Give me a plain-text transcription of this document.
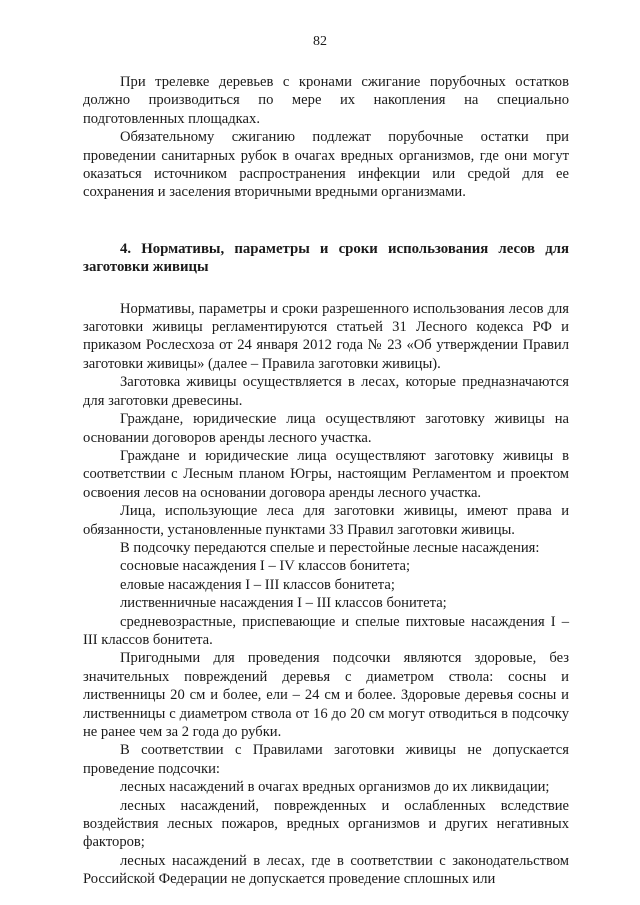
82

При трелевке деревьев с кронами сжигание порубочных остатков должно производиться по мере их накопления на специально подготовленных площадках.

Обязательному сжиганию подлежат порубочные остатки при проведении санитарных рубок в очагах вредных организмов, где они могут оказаться источником распространения инфекции или средой для ее сохранения и заселения вторичными вредными организмами.

4. Нормативы, параметры и сроки использования лесов для заготовки живицы

Нормативы, параметры и сроки разрешенного использования лесов для заготовки живицы регламентируются статьей 31 Лесного кодекса РФ и приказом Рослесхоза от 24 января 2012 года № 23 «Об утверждении Правил заготовки живицы» (далее – Правила заготовки живицы).

Заготовка живицы осуществляется в лесах, которые предназначаются для заготовки древесины.

Граждане, юридические лица осуществляют заготовку живицы на основании договоров аренды лесного участка.

Граждане и юридические лица осуществляют заготовку живицы в соответствии с Лесным планом Югры, настоящим Регламентом и проектом освоения лесов на основании договора аренды лесного участка.

Лица, использующие леса для заготовки живицы, имеют права и обязанности, установленные пунктами 33 Правил заготовки живицы.

В подсочку передаются спелые и перестойные лесные насаждения:

сосновые насаждения I – IV классов бонитета;

еловые насаждения I – III классов бонитета;

лиственничные насаждения I – III классов бонитета;

средневозрастные, приспевающие и спелые пихтовые насаждения I – III классов бонитета.

Пригодными для проведения подсочки являются здоровые, без значительных повреждений деревья с диаметром ствола: сосны и лиственницы 20 см и более, ели – 24 см и более. Здоровые деревья сосны и лиственницы с диаметром ствола от 16 до 20 см могут отводиться в подсочку не ранее чем за 2 года до рубки.

В соответствии с Правилами заготовки живицы не допускается проведение подсочки:

лесных насаждений в очагах вредных организмов до их ликвидации;

лесных насаждений, поврежденных и ослабленных вследствие воздействия лесных пожаров, вредных организмов и других негативных факторов;

лесных насаждений в лесах, где в соответствии с законодательством Российской Федерации не допускается проведение сплошных или
